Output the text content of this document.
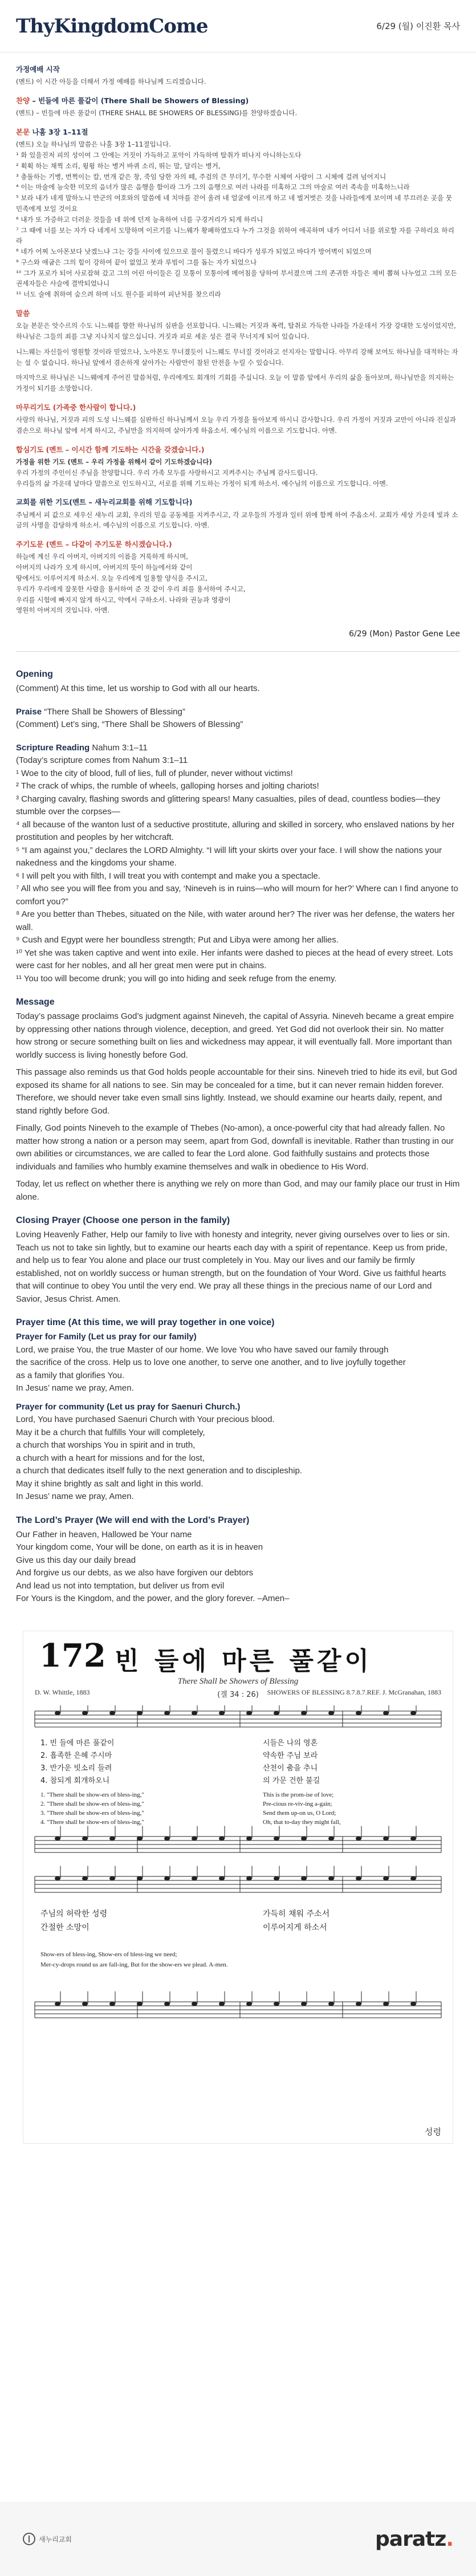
ThyKingdomCome	6/29 (월) 이진환 목사
가정예배 시작
(멘트) 이 시간 아등을 더해서 가정 예배를 하나님께 드리겠습니다.
찬양 – 빈들에 마른 풀같이 (There Shall be Showers of Blessing)
(멘트) – 빈들에 마른 풀같이 (THERE SHALL BE SHOWERS OF BLESSING)를 찬양하겠습니다.
본문 나훔 3장 1–11절
(멘트) 오늘 하나님의 말씀은 나훔 3장 1–11절입니다.
¹ 화 있을진저 피의 성이여 그 안에는 거짓이 가득하고 포악이 가득하며 탈취가 떠나지 아니하는도다
² 휙휙 하는 채찍 소리, 윙윙 하는 병거 바퀴 소리, 뛰는 말, 달리는 병거,
³ 충돌하는 기병, 번쩍이는 칼, 번개 같은 창, 죽임 당한 자의 떼, 주검의 큰 무더기, 무수한 시체여 사람이 그 시체에 걸려 넘어지니
⁴ 이는 마술에 능숙한 미모의 음녀가 많은 음행을 함이라 그가 그의 음행으로 여러 나라를 미혹하고 그의 마술로 여러 족속을 미혹하느니라
⁵ 보라 내가 네게 말하노니 만군의 여호와의 말씀에 네 치마를 걷어 올려 네 얼굴에 이르게 하고 네 벌거벗은 것을 나라들에게 보이며 네 부끄러운 곳을 뭇 민족에게 보일 것이요
⁶ 내가 또 가증하고 더러운 것들을 네 위에 던져 능욕하여 너를 구경거리가 되게 하리니
⁷ 그 때에 너를 보는 자가 다 네게서 도망하며 이르기를 니느웨가 황폐하였도다 누가 그것을 위하여 애곡하며 내가 어디서 너를 위로할 자를 구하리요 하리라
⁸ 네가 어찌 노아몬보다 낫겠느냐 그는 강들 사이에 있으므로 물이 둘렸으니 바다가 성루가 되었고 바다가 방어벽이 되었으며
⁹ 구스와 애굽은 그의 힘이 강하여 끝이 없었고 붓과 루빔이 그를 돕는 자가 되었으나
¹⁰ 그가 포로가 되어 사로잡혀 갔고 그의 어린 아이들은 길 모퉁이 모퉁이에 메어침을 당하여 부서졌으며 그의 존귀한 자들은 제비 뽑혀 나누었고 그의 모든 권세자들은 사슬에 결박되었나니
¹¹ 너도 술에 취하여 숨으려 하며 너도 원수를 피하여 피난처를 찾으리라
말씀

오늘 본문은 앗수르의 수도 니느웨를 향한 하나님의 심판을 선포합니다. 니느웨는 거짓과 폭력, 탈취로 가득한 나라들 가운데서 가장 강대한 도성이었지만, 하나님은 그들의 죄를 그냥 지나치지 않으십니다. 거짓과 피로 세운 성은 결국 무너지게 되어 있습니다.

니느웨는 자신들이 영원할 것이라 믿었으나, 노아몬도 무너졌듯이 니느웨도 무너질 것이라고 선지자는 말합니다. 아무리 강해 보여도 하나님을 대적하는 자는 설 수 없습니다. 하나님 앞에서 겸손하게 살아가는 사람만이 참된 안전을 누릴 수 있습니다.

마지막으로 하나님은 니느웨에게 주어진 말씀처럼, 우리에게도 회개의 기회를 주십니다. 오늘 이 말씀 앞에서 우리의 삶을 돌아보며, 하나님만을 의지하는 가정이 되기를 소망합니다.

마무리기도 (가족중 한사람이 합니다.)
사랑의 하나님, 거짓과 피의 도성 니느웨를 심판하신 하나님께서 오늘 우리 가정을 돌아보게 하시니 감사합니다. 우리 가정이 거짓과 교만이 아니라 진실과 겸손으로 하나님 앞에 서게 하시고, 주님만을 의지하며 살아가게 하옵소서. 예수님의 이름으로 기도합니다. 아멘.
합심기도 (멘트 – 이시간 함께 기도하는 시간을 갖겠습니다.)
가정을 위한 기도 (멘트 – 우리 가정을 위해서 같이 기도하겠습니다)
우리 가정의 주인이신 주님을 찬양합니다. 우리 가족 모두를 사랑하시고 지켜주시는 주님께 감사드립니다.
우리들의 삶 가운데 날마다 말씀으로 인도하시고, 서로를 위해 기도하는 가정이 되게 하소서. 예수님의 이름으로 기도합니다. 아멘.
교회를 위한 기도(멘트 – 새누리교회를 위해 기도합니다)
주님께서 피 값으로 세우신 새누리 교회, 우리의 믿음 공동체를 지켜주시고, 각 교우들의 가정과 일터 위에 함께 하여 주옵소서. 교회가 세상 가운데 빛과 소금의 사명을 감당하게 하소서. 예수님의 이름으로 기도합니다. 아멘.
주기도문 (멘트 – 다같이 주기도문 하시겠습니다.)
하늘에 계신 우리 아버지, 아버지의 이름을 거룩하게 하시며,
아버지의 나라가 오게 하시며, 아버지의 뜻이 하늘에서와 같이
땅에서도 이루어지게 하소서. 오늘 우리에게 일용할 양식을 주시고,
우리가 우리에게 잘못한 사람을 용서하여 준 것 같이 우리 죄를 용서하여 주시고,
우리를 시험에 빠지지 않게 하시고, 악에서 구하소서. 나라와 권능과 영광이
영원히 아버지의 것입니다. 아멘.
6/29 (Mon) Pastor Gene Lee
Opening
(Comment) At this time, let us worship to God with all our hearts.
Praise “There Shall be Showers of Blessing”
(Comment) Let’s sing, “There Shall be Showers of Blessing”
Scripture Reading Nahum 3:1–11
(Today’s scripture comes from Nahum 3:1–11
¹ Woe to the city of blood, full of lies, full of plunder, never without victims!
² The crack of whips, the rumble of wheels, galloping horses and jolting chariots!
³ Charging cavalry, flashing swords and glittering spears! Many casualties, piles of dead, countless bodies—they stumble over the corpses—
⁴ all because of the wanton lust of a seductive prostitute, alluring and skilled in sorcery, who enslaved nations by her prostitution and peoples by her witchcraft.
⁵ “I am against you,” declares the LORD Almighty. “I will lift your skirts over your face. I will show the nations your nakedness and the kingdoms your shame.
⁶ I will pelt you with filth, I will treat you with contempt and make you a spectacle.
⁷ All who see you will flee from you and say, ‘Nineveh is in ruins—who will mourn for her?’ Where can I find anyone to comfort you?”
⁸ Are you better than Thebes, situated on the Nile, with water around her? The river was her defense, the waters her wall.
⁹ Cush and Egypt were her boundless strength; Put and Libya were among her allies.
¹⁰ Yet she was taken captive and went into exile. Her infants were dashed to pieces at the head of every street. Lots were cast for her nobles, and all her great men were put in chains.
¹¹ You too will become drunk; you will go into hiding and seek refuge from the enemy.
Message

Today’s passage proclaims God’s judgment against Nineveh, the capital of Assyria. Nineveh became a great empire by oppressing other nations through violence, deception, and greed. Yet God did not overlook their sin. No matter how strong or secure something built on lies and wickedness may appear, it will eventually fall. More important than worldly success is living honestly before God.

This passage also reminds us that God holds people accountable for their sins. Nineveh tried to hide its evil, but God exposed its shame for all nations to see. Sin may be concealed for a time, but it can never remain hidden forever. Therefore, we should never take even small sins lightly. Instead, we should examine our hearts daily, repent, and stand rightly before God.

Finally, God points Nineveh to the example of Thebes (No-amon), a once-powerful city that had already fallen. No matter how strong a nation or a person may seem, apart from God, downfall is inevitable. Rather than trusting in our own abilities or circumstances, we are called to fear the Lord alone. God faithfully sustains and protects those individuals and families who humbly examine themselves and walk in obedience to His Word.

Today, let us reflect on whether there is anything we rely on more than God, and may our family place our trust in Him alone.

Closing Prayer (Choose one person in the family)
Loving Heavenly Father, Help our family to live with honesty and integrity, never giving ourselves over to lies or sin.
Teach us not to take sin lightly, but to examine our hearts each day with a spirit of repentance. Keep us from pride, and help us to fear You alone and place our trust completely in You. May our lives and our family be firmly established, not on worldly success or human strength, but on the foundation of Your Word. Give us faithful hearts that will continue to obey You until the very end. We pray all these things in the precious name of our Lord and Savior, Jesus Christ. Amen.
Prayer time (At this time, we will pray together in one voice)
Prayer for Family (Let us pray for our family)
Lord, we praise You, the true Master of our home. We love You who have saved our family through
the sacrifice of the cross. Help us to love one another, to serve one another, and to live joyfully together
as a family that glorifies You.
In Jesus’ name we pray, Amen.
Prayer for community (Let us pray for Saenuri Church.)
Lord, You have purchased Saenuri Church with Your precious blood.
May it be a church that fulfills Your will completely,
a church that worships You in spirit and in truth,
a church with a heart for missions and for the lost,
a church that dedicates itself fully to the next generation and to discipleship.
May it shine brightly as salt and light in this world.
In Jesus’ name we pray, Amen.
The Lord’s Prayer (We will end with the Lord’s Prayer)
Our Father in heaven, Hallowed be Your name
Your kingdom come, Your will be done, on earth as it is in heaven
Give us this day our daily bread
And forgive us our debts, as we also have forgiven our debtors
And lead us not into temptation, but deliver us from evil
For Yours is the Kingdom, and the power, and the glory forever. –Amen–
172 빈 들에 마른 풀같이
There Shall be Showers of Blessing
D. W. Whittle, 1883	(겔 34 : 26)	SHOWERS OF BLESSING 8.7.8.7.REF. J. McGranahan, 1883
1. 빈 들에 마른 풀같이	시들은 나의 영혼
2. 흡족한 은혜 주시마	약속한 주님 보라
3. 반가운 빗소리 들려	산천이 춤을 추니
4. 참되게 회개하오니	의 가문 건한 불길
1. "There shall be show-ers of bless-ing,"	This is the prom-ise of love;
2. "There shall be show-ers of bless-ing,"	Pre-cious re-viv-ing a-gain;
3. "There shall be show-ers of bless-ing,"	Send them up-on us, O Lord;
4. "There shall be show-ers of bless-ing,"	Oh, that to-day they might fall,
주님의 허락한 성령	가득히 채워 주소서
간절한 소망이	이루어지게 하소서
Show-ers of bless-ing, Show-ers of bless-ing we need;
Mer-cy-drops round us are fall-ing, But for the show-ers we plead. A-men.
성령
새누리교회	paratz.
